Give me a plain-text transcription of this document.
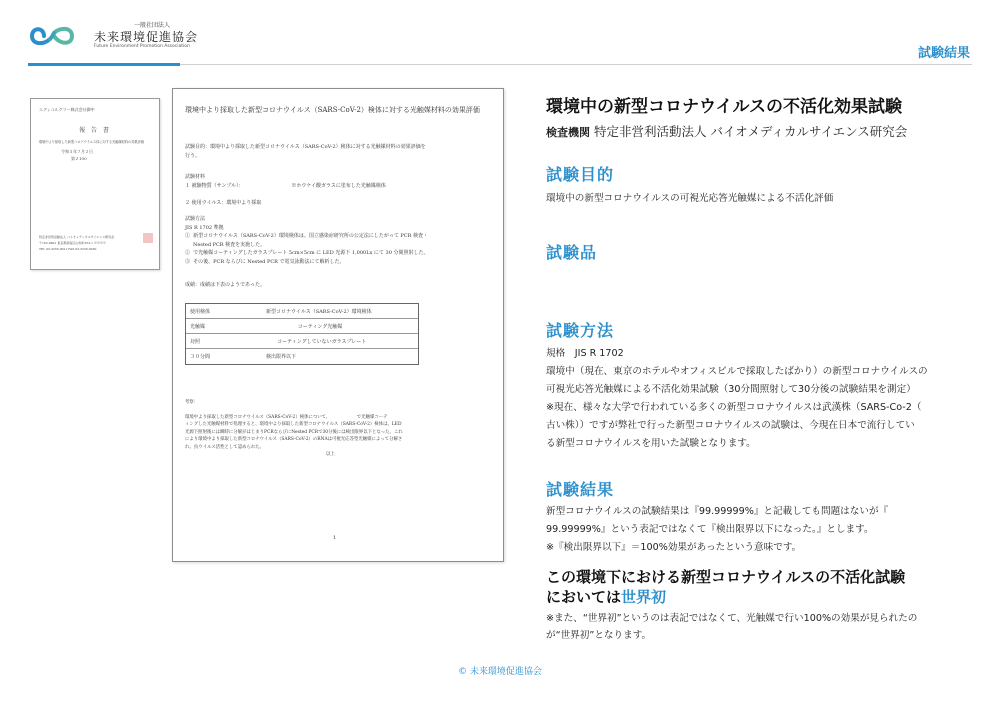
一般社団法人
未来環境促進協会
Future Environment Promotion Association	試験結果
エディユルグリー株式会社御中
報 告 書
環境中より採取した新型コロナウイルス体に対する光触媒材料の効果評価
令和３年７月２日
第２100
特定非営利活動法人 バイオメディカルサイエンス研究会
〒162-0801 東京都新宿区山吹町353-1 ※※※※
TEL 03-3235-0021 FAX 03-3235-0030
環境中より採取した新型コロナウイルス（SARS-CoV-2）検体に対する光触媒材料の効果評価
試験目的：環境中より採取した新型コロナウイルス（SARS-CoV-2）検体に対する光触媒材料の効果評価を
行う。
試験材料
１ 被験物質（サンプル）：                              ※ホウケイ酸ガラスに塗布した光触媒検体

２ 使用ウイルス：環境中より採取
試験方法
JIS R 1702 準拠
①  新型コロナウイルス（SARS-CoV-2）環境検体は、国立感染症研究所の公定法にしたがって PCR 検査・
Nested PCR 検査を実施した。
②  で光触媒コーティングしたガラスプレート 5cm×5cm に LED 光源下 1,000Lx にて 30 分間照射した。
③  その後、PCR ならびに Nested PCR で電気泳動法にて解析した。
成績：成績は下表のようであった。
使用検体	新型コロナウイルス（SARS-CoV-2）環境検体
光触媒	コーティング光触媒
対照	コーティングしていないガラスプレート
３０分間	検出限界以下
考察：

環境中より採取した新型コロナウイルス（SARS-CoV-2）検体について、                   で光触媒コーテ
ィングした光触媒材料で処理すると、環境中より採取した新型コロナウイルス（SARS-CoV-2）検体は、LED
光源下照射後には瞬時に分解がはじまりPCRならびにNested PCRで30分後には検出限界以下となった。これ
により環境中より採取した新型コロナウイルス（SARS-CoV-2）のRNAは可視光応答型光触媒によって分解さ
れ、抗ウイルス活性として認められた。
以上
1
環境中の新型コロナウイルスの不活化効果試験
検査機関 特定非営利活動法人 バイオメディカルサイエンス研究会
試験目的
環境中の新型コロナウイルスの可視光応答光触媒による不活化評価
試験品
試験方法
規格　JIS R 1702
環境中（現在、東京のホテルやオフィスビルで採取したばかり）の新型コロナウイルスの
可視光応答光触媒による不活化効果試験（30分間照射して30分後の試験結果を測定）
※現在、様々な大学で行われている多くの新型コロナウイルスは武漢株（SARS-Co-2（
古い株））ですが弊社で行った新型コロナウイルスの試験は、今現在日本で流行してい
る新型コロナウイルスを用いた試験となります。
試験結果
新型コロナウイルスの試験結果は『99.99999%』と記載しても問題はないが『
99.99999%』という表記ではなくて『検出限界以下になった。』とします。
※『検出限界以下』＝100%効果があったという意味です。
この環境下における新型コロナウイルスの不活化試験
においては世界初
※また、“世界初”というのは表記ではなくて、光触媒で行い100%の効果が見られたの
が“世界初”となります。
© 未来環境促進協会
